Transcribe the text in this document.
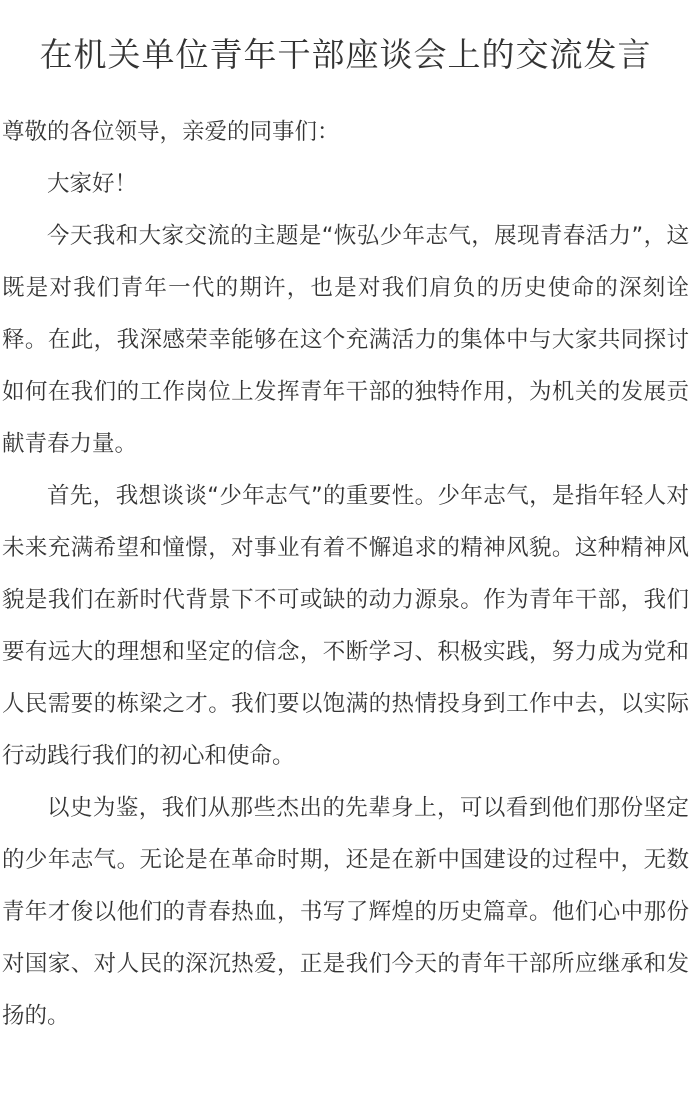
在机关单位青年干部座谈会上的交流发言

尊敬的各位领导，亲爱的同事们：

大家好！

今天我和大家交流的主题是“恢弘少年志气，展现青春活力”，这既是对我们青年一代的期许，也是对我们肩负的历史使命的深刻诠释。在此，我深感荣幸能够在这个充满活力的集体中与大家共同探讨如何在我们的工作岗位上发挥青年干部的独特作用，为机关的发展贡献青春力量。

首先，我想谈谈“少年志气”的重要性。少年志气，是指年轻人对未来充满希望和憧憬，对事业有着不懈追求的精神风貌。这种精神风貌是我们在新时代背景下不可或缺的动力源泉。作为青年干部，我们要有远大的理想和坚定的信念，不断学习、积极实践，努力成为党和人民需要的栋梁之才。我们要以饱满的热情投身到工作中去，以实际行动践行我们的初心和使命。

以史为鉴，我们从那些杰出的先辈身上，可以看到他们那份坚定的少年志气。无论是在革命时期，还是在新中国建设的过程中，无数青年才俊以他们的青春热血，书写了辉煌的历史篇章。他们心中那份对国家、对人民的深沉热爱，正是我们今天的青年干部所应继承和发扬的。
